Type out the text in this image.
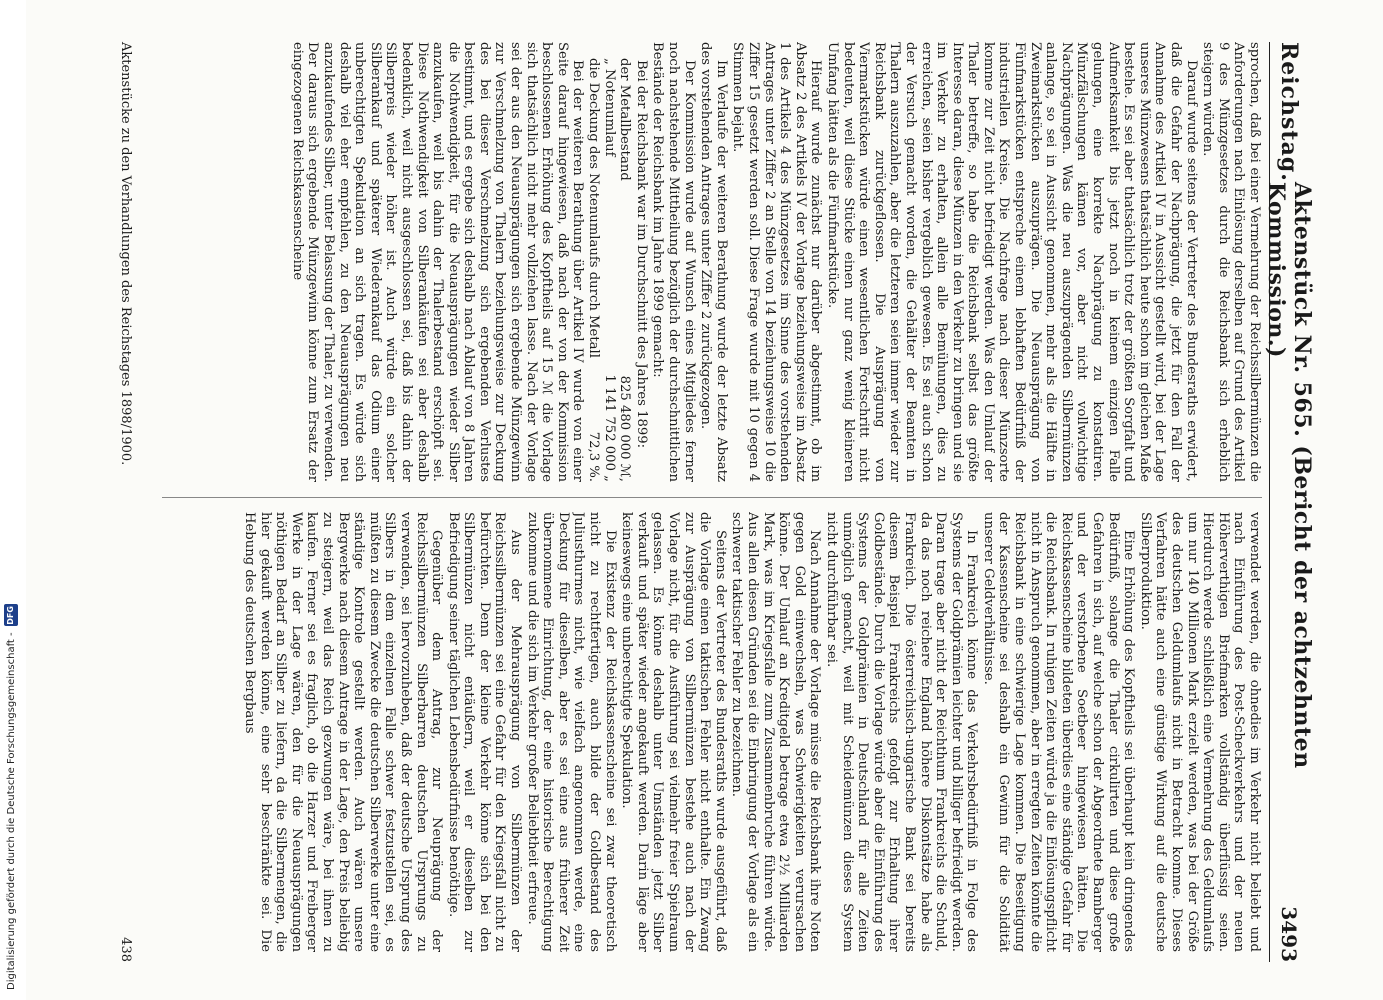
Reichstag.
Aktenstück Nr. 565. (Bericht der achtzehnten Kommission.)
3493

sprochen, daß bei einer Vermehrung der Reichssilbermünzen die Anforderungen nach Einlösung derselben auf Grund des Artikel 9 des Münzgesetzes durch die Reichsbank sich erheblich steigern würden.

Darauf wurde seitens der Vertreter des Bundesraths erwidert, daß die Gefahr der Nachprägung, die jetzt für den Fall der Annahme des Artikel IV in Aussicht gestellt wird, bei der Lage unseres Münzwesens thatsächlich heute schon im gleichen Maße bestehe. Es sei aber thatsächlich trotz der größten Sorgfalt und Aufmerksamkeit bis jetzt noch in keinem einzigen Falle gelungen, eine korrekte Nachprägung zu konstatiren. Münzfälschungen kämen vor, aber nicht vollwichtige Nachprägungen. Was die neu auszuprägenden Silbermünzen anlange, so sei in Aussicht genommen, mehr als die Hälfte in Zweimarkstücken auszuprägen. Die Neuausprägung von Fünfmarkstücken entspreche einem lebhaften Bedürfniß der industriellen Kreise. Die Nachfrage nach dieser Münzsorte komme zur Zeit nicht befriedigt werden. Was den Umlauf der Thaler betreffe, so habe die Reichsbank selbst das größte Interesse daran, diese Münzen in den Verkehr zu bringen und sie im Verkehr zu erhalten, allein alle Bemühungen, dies zu erreichen, seien bisher vergeblich gewesen. Es sei auch schon der Versuch gemacht worden, die Gehälter der Beamten in Thalern auszuzahlen, aber die letzteren seien immer wieder zur Reichsbank zurückgeflossen. Die Ausprägung von Viermarkstücken würde einen wesentlichen Fortschritt nicht bedeuten, weil diese Stücke einen nur ganz wenig kleineren Umfang hätten als die Fünfmarkstücke.

Hierauf wurde zunächst nur darüber abgestimmt, ob im Absatz 2 des Artikels IV der Vorlage beziehungsweise im Absatz 1 des Artikels 4 des Münzgesetzes im Sinne des vorstehenden Antrages unter Ziffer 2 an Stelle von 14 beziehungsweise 10 die Ziffer 15 gesetzt werden soll. Diese Frage wurde mit 10 gegen 4 Stimmen bejaht.

Im Verlaufe der weiteren Berathung wurde der letzte Absatz des vorstehenden Antrages unter Ziffer 2 zurückgezogen.

Der Kommission wurde auf Wunsch eines Mitgliedes ferner noch nachstehende Mittheilung bezüglich der durchschnittlichen Bestände der Reichsbank im Jahre 1899 gemacht:

Bei der Reichsbank war im Durchschnitt des Jahres 1899:

der Metallbestand
825 480 000 ℳ,
„ Notenumlauf
1 141 752 000 „
die Deckung des Notenumlaufs durch Metall
72,3 %.

Bei der weiteren Berathung über Artikel IV wurde von einer Seite darauf hingewiesen, daß nach der von der Kommission beschlossenen Erhöhung des Kopftheils auf 15 ℳ die Vorlage sich thatsächlich nicht mehr vollziehen lasse. Nach der Vorlage sei der aus den Neuausprägungen sich ergebende Münzgewinn zur Verschmelzung von Thalern beziehungsweise zur Deckung des bei dieser Verschmelzung sich ergebenden Verlustes bestimmt, und es ergebe sich deshalb nach Ablauf von 8 Jahren die Nothwendigkeit, für die Neuausprägungen wieder Silber anzukaufen, weil bis dahin der Thalerbestand erschöpft sei. Diese Nothwendigkeit von Silberankäufen sei aber deshalb bedenklich, weil nicht ausgeschlossen sei, daß bis dahin der Silberpreis wieder höher ist. Auch würde ein solcher Silberankauf und späterer Wiederankauf das Odium einer unberechtigten Spekulation an sich tragen. Es würde sich deshalb viel eher empfehlen, zu den Neuausprägungen neu anzukaufendes Silber, unter Belassung der Thaler, zu verwenden. Der daraus sich ergebende Münzgewinn könne zum Ersatz der eingezogenen Reichskassenscheine

verwendet werden, die ohnedies im Verkehr nicht beliebt und nach Einführung des Post-Scheckverkehrs und der neuen Höherverthigen Briefmarken vollständig überflüssig seien. Hierdurch werde schließlich eine Vermehrung des Geldumlaufs um nur 140 Millionen Mark erzielt werden, was bei der Größe des deutschen Geldumlaufs nicht in Betracht komme. Dieses Verfahren hätte auch eine günstige Wirkung auf die deutsche Silberproduktion.

Eine Erhöhung des Kopftheils sei überhaupt kein dringendes Bedürfniß, solange die Thaler cirkulirten und diese große Gefahren in sich, auf welche schon der Abgeordnete Bamberger und der verstorbene Soetbeer hingewiesen hätten. Die Reichskassenscheine bildeten überdies eine ständige Gefahr für die Reichsbank. In ruhigen Zeiten würde ja die Einlösungspflicht nicht in Anspruch genommen, aber in erregten Zeiten könnte die Reichsbank in eine schwierige Lage kommen. Die Beseitigung der Kassenscheine sei deshalb ein Gewinn für die Solidität unserer Geldverhältnisse.

In Frankreich könne das Verkehrsbedürfniß in Folge des Systems der Goldprämien leichter und billiger befriedigt werden. Daran trage aber nicht der Reichthum Frankreichs die Schuld, da das noch reichere England höhere Diskontsätze habe als Frankreich. Die österreichisch-ungarische Bank sei bereits diesem Beispiel Frankreichs gefolgt zur Erhaltung ihrer Goldbestände. Durch die Vorlage würde aber die Einführung des Systems der Goldprämien in Deutschland für alle Zeiten unmöglich gemacht, weil mit Scheidemünzen dieses System nicht durchführbar sei.

Nach Annahme der Vorlage müsse die Reichsbank ihre Noten gegen Gold einwechseln, was Schwierigkeiten verursachen könne. Der Umlauf an Kreditgeld betrage etwa 2½ Milliarden Mark, was im Kriegsfalle zum Zusammenbruche führen würde. Aus allen diesen Gründen sei die Einbringung der Vorlage als ein schwerer taktischer Fehler zu bezeichnen.

Seitens der Vertreter des Bundesraths wurde ausgeführt, daß die Vorlage einen taktischen Fehler nicht enthalte. Ein Zwang zur Ausprägung von Silbermünzen bestehe auch nach der Vorlage nicht, für die Ausführung sei vielmehr freier Spielraum gelassen. Es könne deshalb unter Umständen jetzt Silber verkauft und später wieder angekauft werden. Darin läge aber keineswegs eine unberechtigte Spekulation.

Die Existenz der Reichskassenscheine sei zwar theoretisch nicht zu rechtfertigen, auch bilde der Goldbestand des Juliusthurmes nicht, wie vielfach angenommen werde, eine Deckung für dieselben, aber es sei eine aus früherer Zeit übernommene Einrichtung, der eine historische Berechtigung zukomme und die sich im Verkehr großer Beliebtheit erfreue.

Aus der Mehrausprägung von Silbermünzen der Reichssilbermünzen sei eine Gefahr für den Kriegsfall nicht zu befürchten. Denn der kleine Verkehr könne sich bei den Silbermünzen nicht entäußern, weil er dieselben zur Befriedigung seiner täglichen Lebensbedürfnisse benöthige.

Gegenüber dem Antrag, zur Neuprägung der Reichssilbermünzen Silberbarren deutschen Ursprungs zu verwenden, sei hervorzuheben, daß der deutsche Ursprung des Silbers in dem einzelnen Falle schwer festzustellen sei, es müßten zu diesem Zwecke die deutschen Silberwerke unter eine ständige Kontrole gestellt werden. Auch wären unsere Bergwerke nach diesem Antrage in der Lage, den Preis beliebig zu steigern, weil das Reich gezwungen wäre, bei ihnen zu kaufen. Ferner sei es fraglich, ob die Harzer und Freiberger Werke in der Lage wären, den für die Neuausprägungen nöthigen Bedarf an Silber zu liefern, da die Silbermengen, die hier gekauft werden könne, eine sehr beschränkte sei. Die Hebung des deutschen Bergbaus

Aktenstücke zu den Verhandlungen des Reichstages 1898/1900.
438
Digitalisierung gefördert durch die Deutsche Forschungsgemeinschaft -
DFG
